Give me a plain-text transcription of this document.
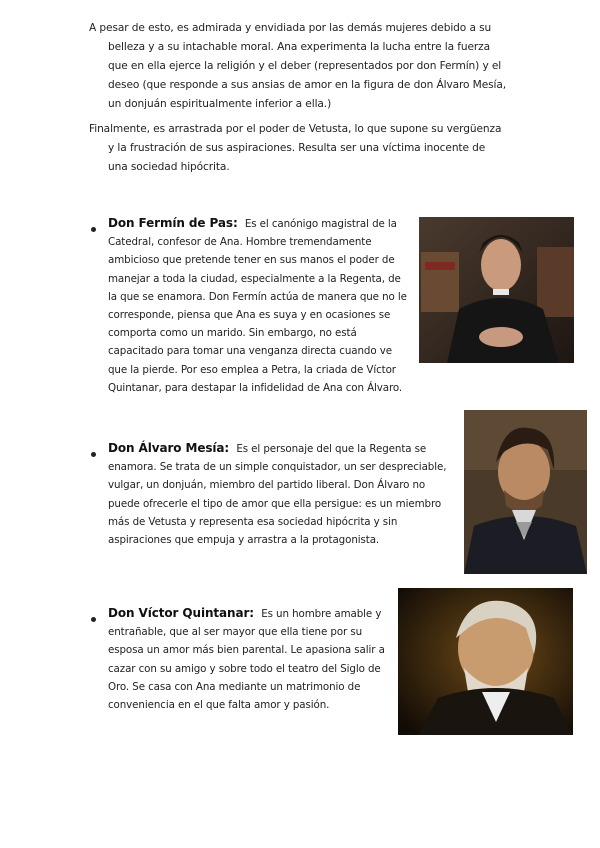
A pesar de esto, es admirada y envidiada por las demás mujeres debido a su belleza y a su intachable moral. Ana experimenta la lucha entre la fuerza que en ella ejerce la religión y el deber (representados por don Fermín) y el deseo (que responde a sus ansias de amor en la figura de don Álvaro Mesía, un donjuán espiritualmente inferior a ella.)

Finalmente, es arrastrada por el poder de Vetusta, lo que supone su vergüenza y la frustración de sus aspiraciones. Resulta ser una víctima inocente de una sociedad hipócrita.

Don Fermín de Pas: Es el canónigo magistral de la Catedral, confesor de Ana. Hombre tremendamente ambicioso que pretende tener en sus manos el poder de manejar a toda la ciudad, especialmente a la Regenta, de la que se enamora. Don Fermín actúa de manera que no le corresponde, piensa que Ana es suya y en ocasiones se comporta como un marido. Sin embargo, no está capacitado para tomar una venganza directa cuando ve que la pierde. Por eso emplea a Petra, la criada de Víctor Quintanar, para destapar la infidelidad de Ana con Álvaro.

Don Álvaro Mesía: Es el personaje del que la Regenta se enamora. Se trata de un simple conquistador, un ser despreciable, vulgar, un donjuán, miembro del partido liberal. Don Álvaro no puede ofrecerle el tipo de amor que ella persigue: es un miembro más de Vetusta y representa esa sociedad hipócrita y sin aspiraciones que empuja y arrastra a la protagonista.

Don Víctor Quintanar: Es un hombre amable y entrañable, que al ser mayor que ella tiene por su esposa un amor más bien parental. Le apasiona salir a cazar con su amigo y sobre todo el teatro del Siglo de Oro. Se casa con Ana mediante un matrimonio de conveniencia en el que falta amor y pasión.
